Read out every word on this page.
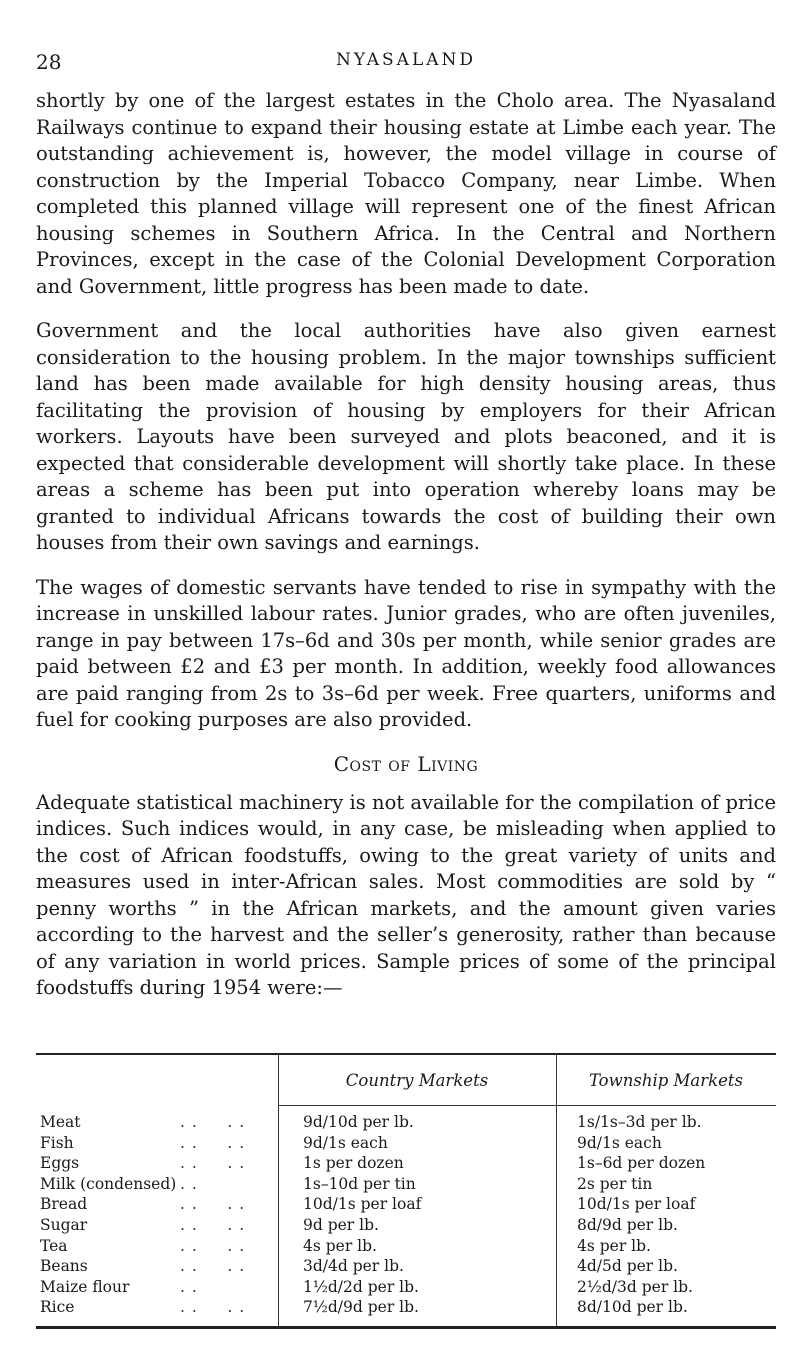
28	NYASALAND

shortly by one of the largest estates in the Cholo area. The Nyasaland Railways continue to expand their housing estate at Limbe each year. The outstanding achievement is, however, the model village in course of construction by the Imperial Tobacco Company, near Limbe. When completed this planned village will represent one of the finest African housing schemes in Southern Africa. In the Central and Northern Provinces, except in the case of the Colonial Development Corporation and Government, little progress has been made to date.

Government and the local authorities have also given earnest consideration to the housing problem. In the major townships sufficient land has been made available for high density housing areas, thus facilitating the provision of housing by employers for their African workers. Layouts have been surveyed and plots beaconed, and it is expected that considerable development will shortly take place. In these areas a scheme has been put into operation whereby loans may be granted to individual Africans towards the cost of building their own houses from their own savings and earnings.

The wages of domestic servants have tended to rise in sympathy with the increase in unskilled labour rates. Junior grades, who are often juveniles, range in pay between 17s–6d and 30s per month, while senior grades are paid between £2 and £3 per month. In addition, weekly food allowances are paid ranging from 2s to 3s–6d per week. Free quarters, uniforms and fuel for cooking purposes are also provided.

Cost of Living

Adequate statistical machinery is not available for the compilation of price indices. Such indices would, in any case, be misleading when applied to the cost of African foodstuffs, owing to the great variety of units and measures used in inter-African sales. Most commodities are sold by “ penny worths ” in the African markets, and the amount given varies according to the harvest and the seller’s generosity, rather than because of any variation in world prices. Sample prices of some of the principal foodstuffs during 1954 were:—

	Country Markets	Township Markets
Meat . .     . .	9d/10d per lb.	1s/1s–3d per lb.
Fish . .     . .	9d/1s each	9d/1s each
Eggs . .     . .	1s per dozen	1s–6d per dozen
Milk (condensed) . .	1s–10d per tin	2s per tin
Bread . .     . .	10d/1s per loaf	10d/1s per loaf
Sugar . .     . .	9d per lb.	8d/9d per lb.
Tea . .     . .	4s per lb.	4s per lb.
Beans . .     . .	3d/4d per lb.	4d/5d per lb.
Maize flour . .	1½d/2d per lb.	2½d/3d per lb.
Rice . .     . .	7½d/9d per lb.	8d/10d per lb.
